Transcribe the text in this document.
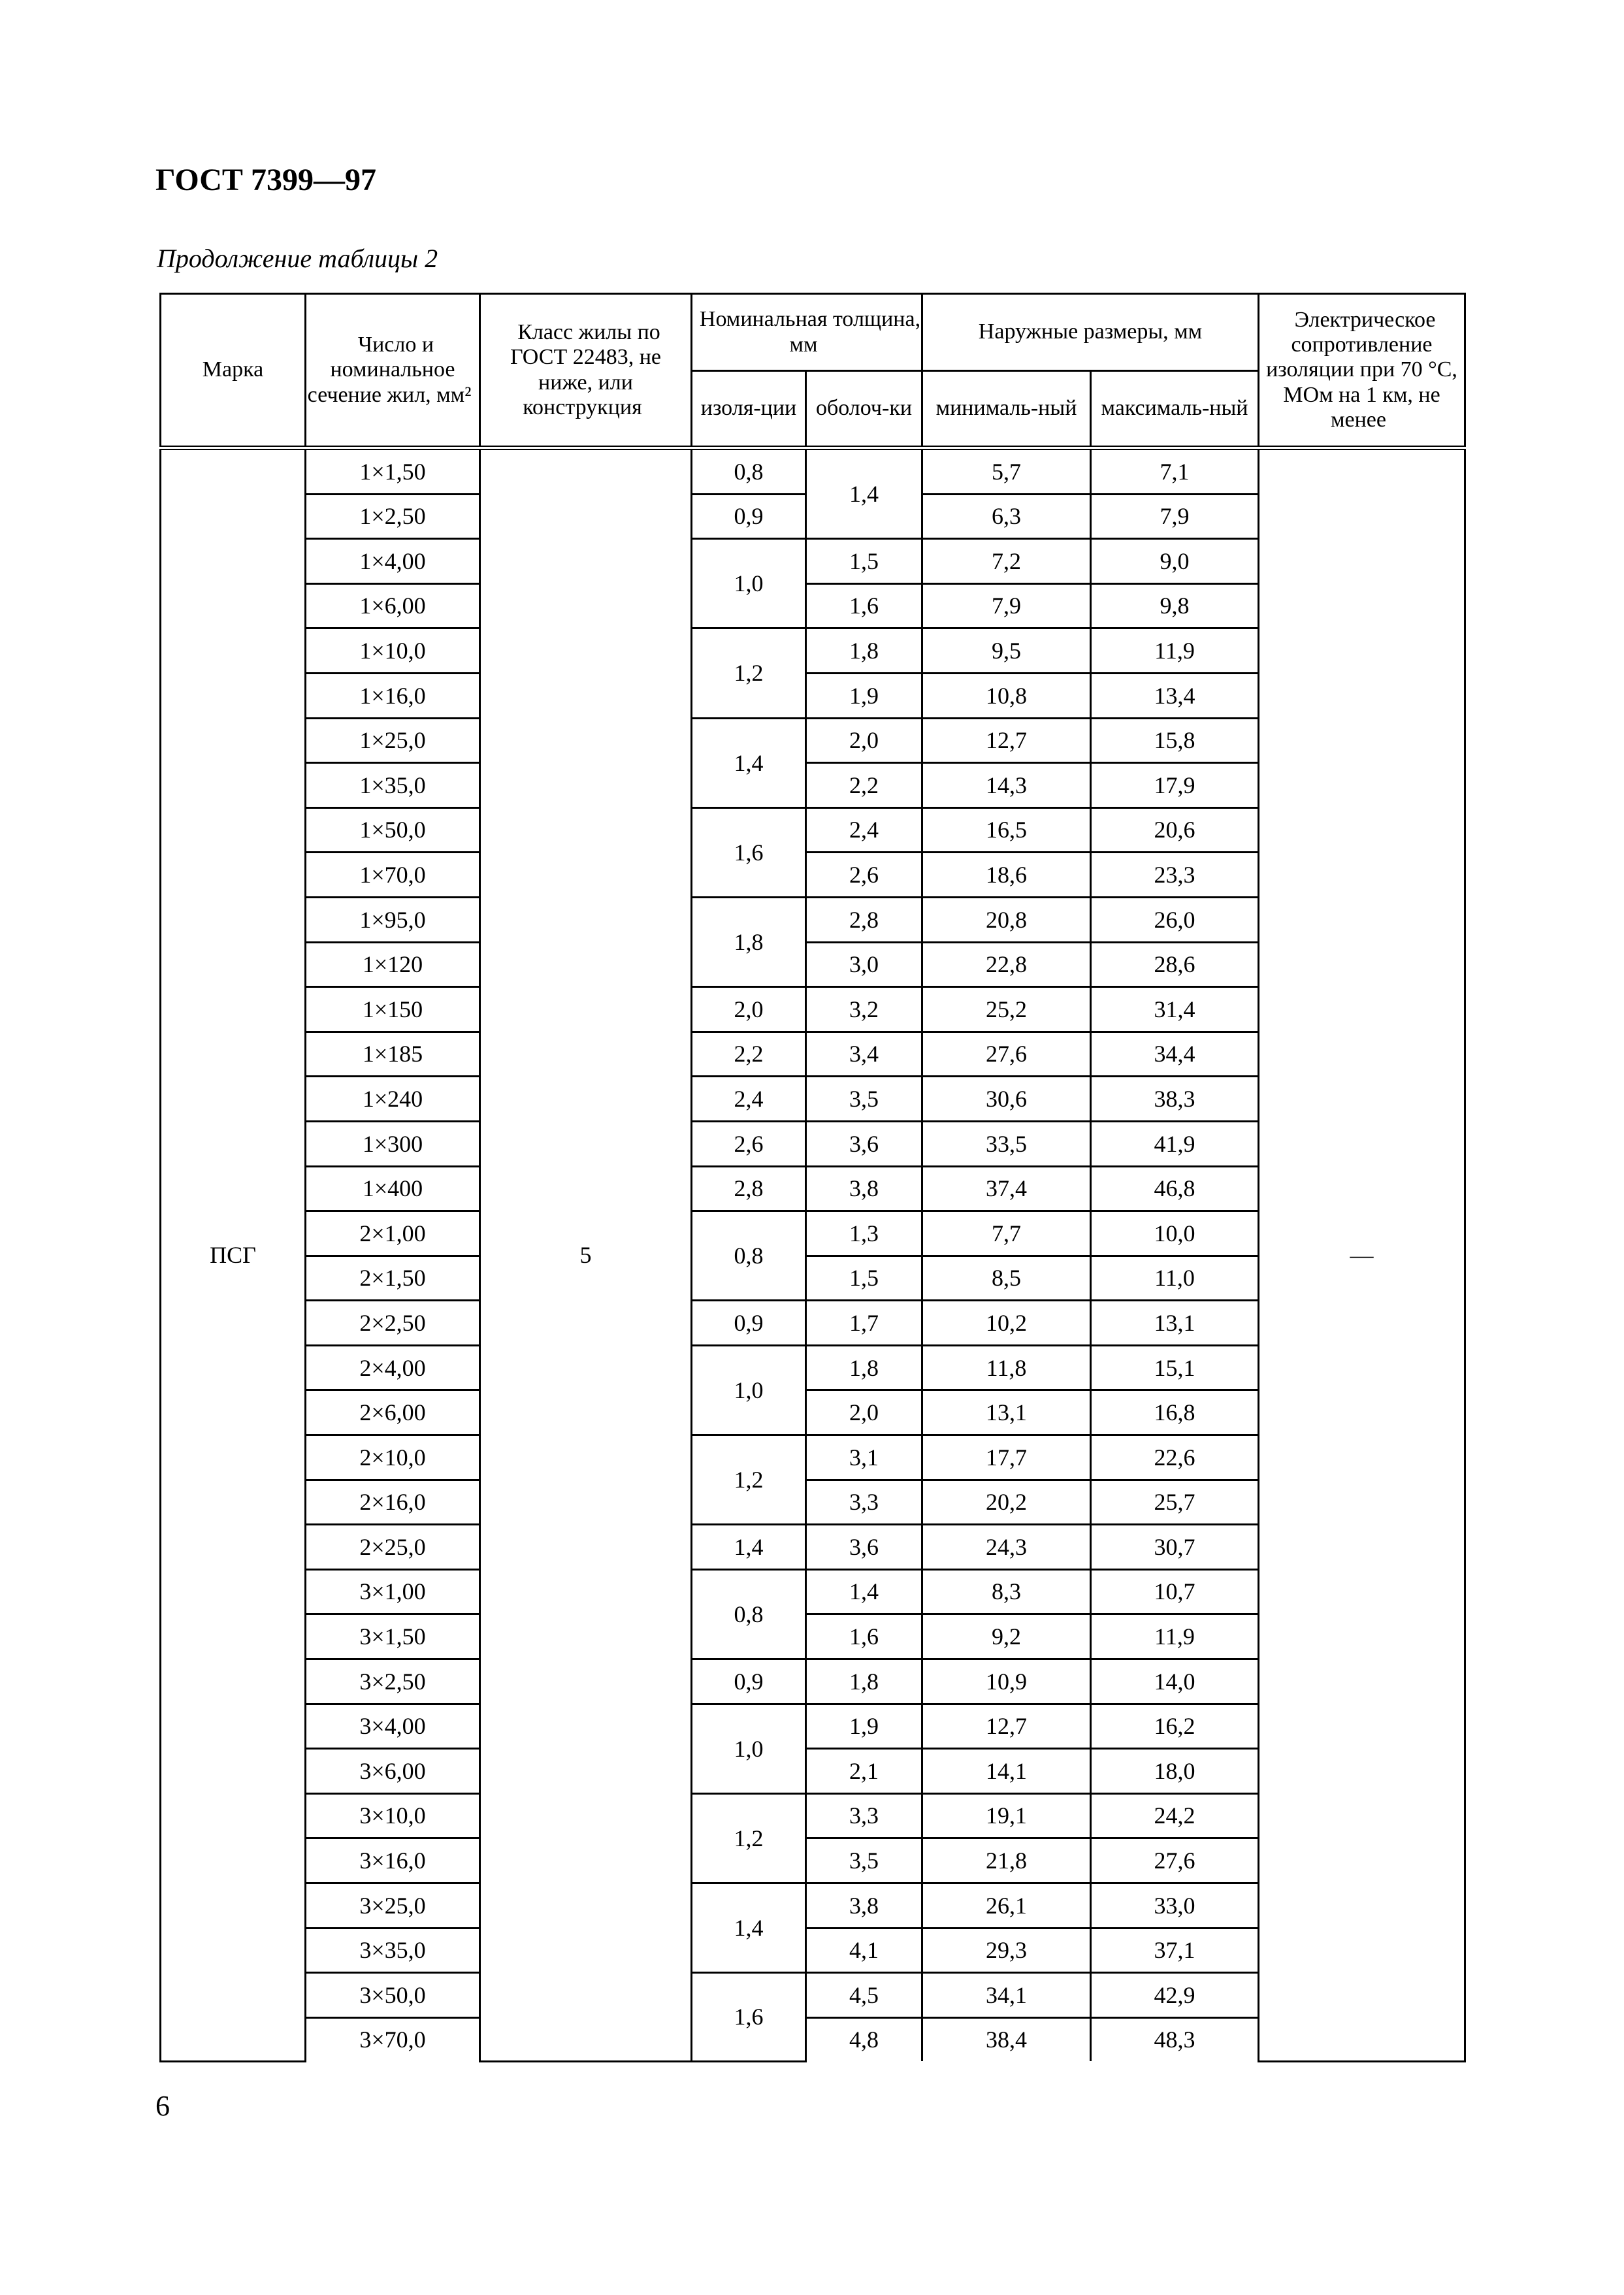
ГОСТ 7399—97
Продолжение таблицы 2
Марка	Число и номинальное сечение жил, мм²	Класс жилы по ГОСТ 22483, не ниже, или конструкция	Номинальная толщина, мм		Наружные размеры, мм		Электрическое сопротивление изоляции при 70 °С, МОм на 1 км, не менее
			изоля-ции	оболоч-ки	минималь-ный	максималь-ный	
ПСГ	1×1,50	5	0,8	1,4	5,7	7,1	—
	1×2,50		0,9		6,3	7,9	
	1×4,00		1,0	1,5	7,2	9,0	
	1×6,00			1,6	7,9	9,8	
	1×10,0		1,2	1,8	9,5	11,9	
	1×16,0			1,9	10,8	13,4	
	1×25,0		1,4	2,0	12,7	15,8	
	1×35,0			2,2	14,3	17,9	
	1×50,0		1,6	2,4	16,5	20,6	
	1×70,0			2,6	18,6	23,3	
	1×95,0		1,8	2,8	20,8	26,0	
	1×120			3,0	22,8	28,6	
	1×150		2,0	3,2	25,2	31,4	
	1×185		2,2	3,4	27,6	34,4	
	1×240		2,4	3,5	30,6	38,3	
	1×300		2,6	3,6	33,5	41,9	
	1×400		2,8	3,8	37,4	46,8	
	2×1,00		0,8	1,3	7,7	10,0	
	2×1,50			1,5	8,5	11,0	
	2×2,50		0,9	1,7	10,2	13,1	
	2×4,00		1,0	1,8	11,8	15,1	
	2×6,00			2,0	13,1	16,8	
	2×10,0		1,2	3,1	17,7	22,6	
	2×16,0			3,3	20,2	25,7	
	2×25,0		1,4	3,6	24,3	30,7	
	3×1,00		0,8	1,4	8,3	10,7	
	3×1,50			1,6	9,2	11,9	
	3×2,50		0,9	1,8	10,9	14,0	
	3×4,00		1,0	1,9	12,7	16,2	
	3×6,00			2,1	14,1	18,0	
	3×10,0		1,2	3,3	19,1	24,2	
	3×16,0			3,5	21,8	27,6	
	3×25,0		1,4	3,8	26,1	33,0	
	3×35,0			4,1	29,3	37,1	
	3×50,0		1,6	4,5	34,1	42,9	
	3×70,0			4,8	38,4	48,3	
6
